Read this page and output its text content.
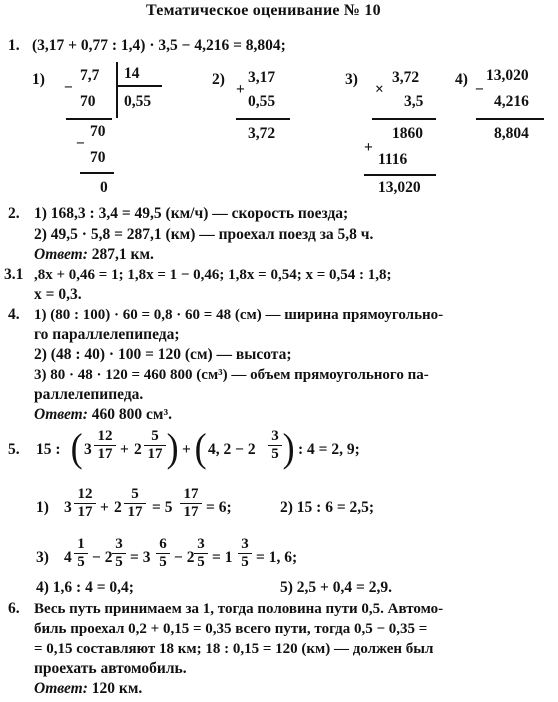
Тематическое оценивание № 10
1. (3,17 + 0,77 : 1,4) · 3,5 − 4,216 = 8,804;
1) −
7,7 14
70 0,55
70
−
70
0
2)
+
3,17
0,55
3,72
3)
×
3,72
3,5
1860
+
1116
13,020
4)
−
13,020
4,216
8,804
2. 1) 168,3 : 3,4 = 49,5 (км/ч) — скорость поезда;
2) 49,5 · 5,8 = 287,1 (км) — проехал поезд за 5,8 ч.
Ответ: 287,1 км.
3.1 ,8x + 0,46 = 1; 1,8x = 1 − 0,46; 1,8x = 0,54; x = 0,54 : 1,8;
x = 0,3.
4. 1) (80 : 100) · 60 = 0,8 · 60 = 48 (см) — ширина прямоугольно-
го параллелепипеда;
2) (48 : 40) · 100 = 120 (см) — высота;
3) 80 · 48 · 120 = 460 800 (см³) — объем прямоугольного па-
раллелепипеда.
Ответ: 460 800 см³.
5. 15 : ( $3 \frac{12}{17} + 2 \frac{5}{17}$ ) + ( 4, $2 - 2 \frac{3}{5}$ ) : 4 = 2, 9;
1) $3 \frac{12}{17} + 2 \frac{5}{17} = 5 \frac{17}{17} = 6$;	2) 15 : 6 = 2,5;
3) $4 \frac{1}{5} - 2 \frac{3}{5} = 3 \frac{6}{5} - 2 \frac{3}{5} = 1 \frac{3}{5} = 1$, 6;
4) 1,6 : 4 = 0,4;	5) 2,5 + 0,4 = 2,9.
6. Весь путь принимаем за 1, тогда половина пути 0,5. Автомо-
биль проехал 0,2 + 0,15 = 0,35 всего пути, тогда 0,5 − 0,35 =
= 0,15 составляют 18 км; 18 : 0,15 = 120 (км) — должен был
проехать автомобиль.
Ответ: 120 км.
